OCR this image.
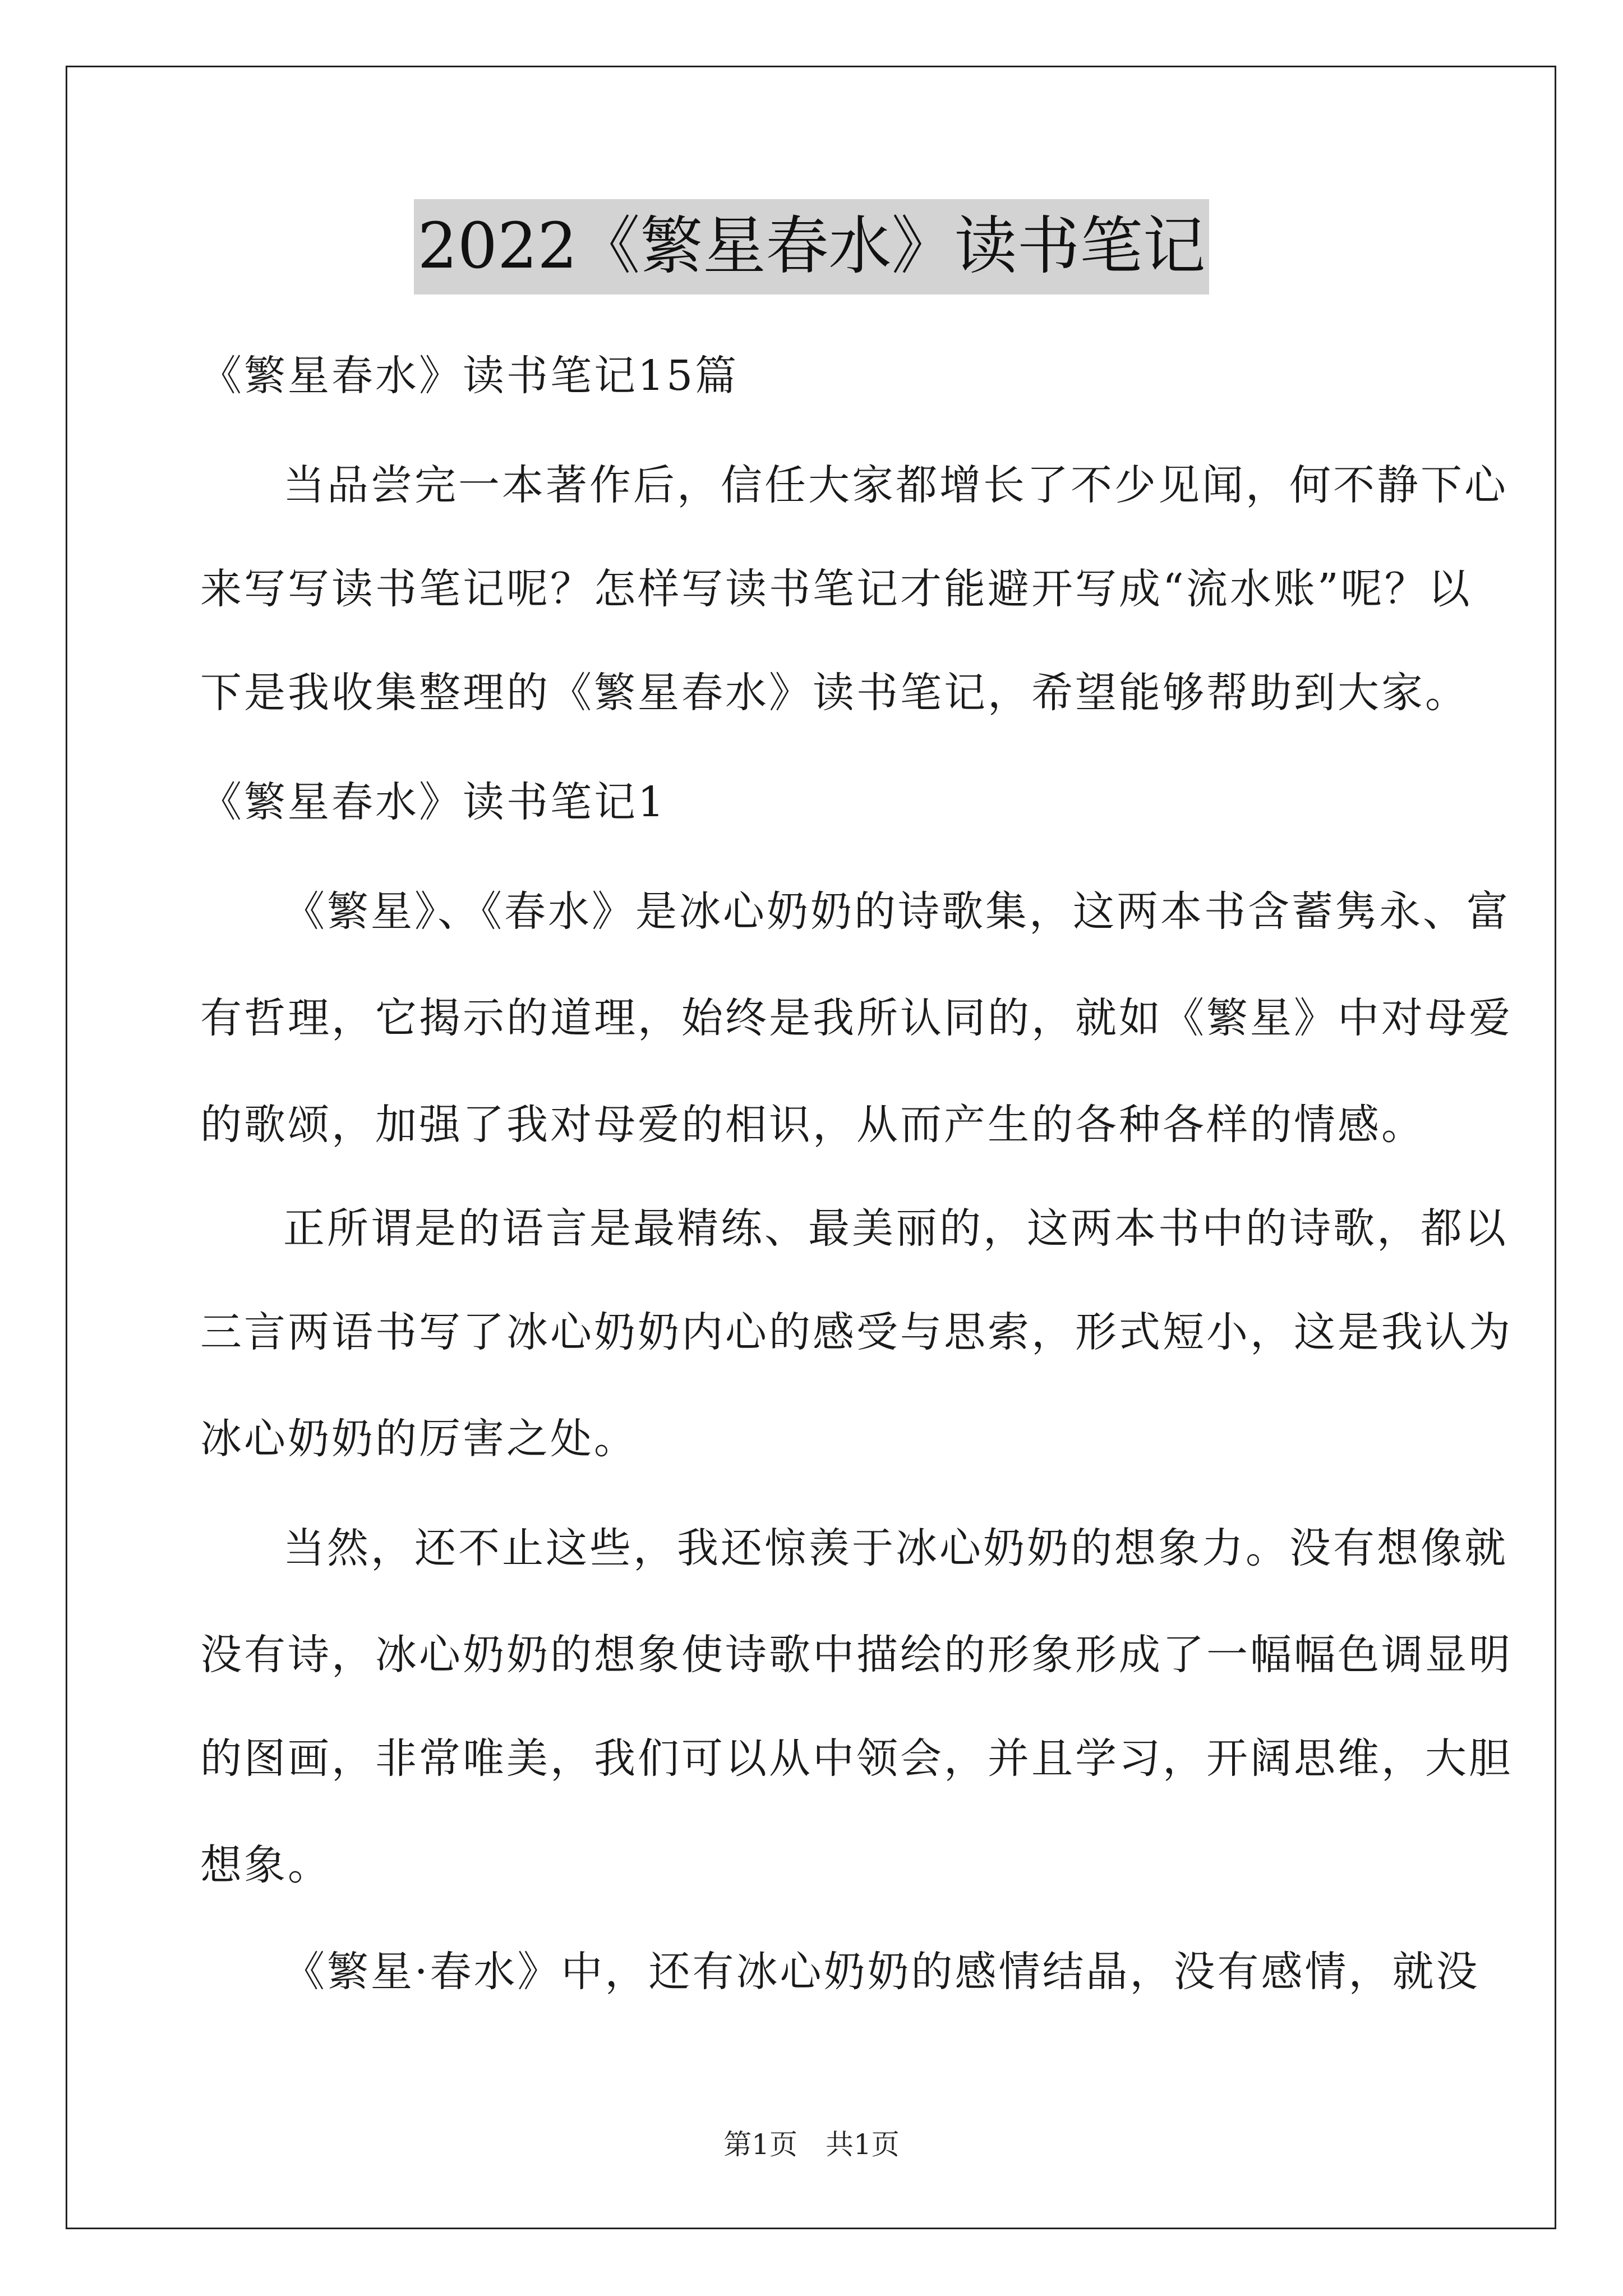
2022《繁星春水》读书笔记
《繁星春水》读书笔记15篇
当品尝完一本著作后，信任大家都增长了不少见闻，何不静下心
来写写读书笔记呢？怎样写读书笔记才能避开写成“流水账”呢？以
下是我收集整理的《繁星春水》读书笔记，希望能够帮助到大家。
《繁星春水》读书笔记1
《繁星》、《春水》是冰心奶奶的诗歌集，这两本书含蓄隽永、富
有哲理，它揭示的道理，始终是我所认同的，就如《繁星》中对母爱
的歌颂，加强了我对母爱的相识，从而产生的各种各样的情感。
正所谓是的语言是最精练、最美丽的，这两本书中的诗歌，都以
三言两语书写了冰心奶奶内心的感受与思索，形式短小，这是我认为
冰心奶奶的厉害之处。
当然，还不止这些，我还惊羡于冰心奶奶的想象力。没有想像就
没有诗，冰心奶奶的想象使诗歌中描绘的形象形成了一幅幅色调显明
的图画，非常唯美，我们可以从中领会，并且学习，开阔思维，大胆
想象。
《繁星·春水》中，还有冰心奶奶的感情结晶，没有感情，就没
第1页　共1页
